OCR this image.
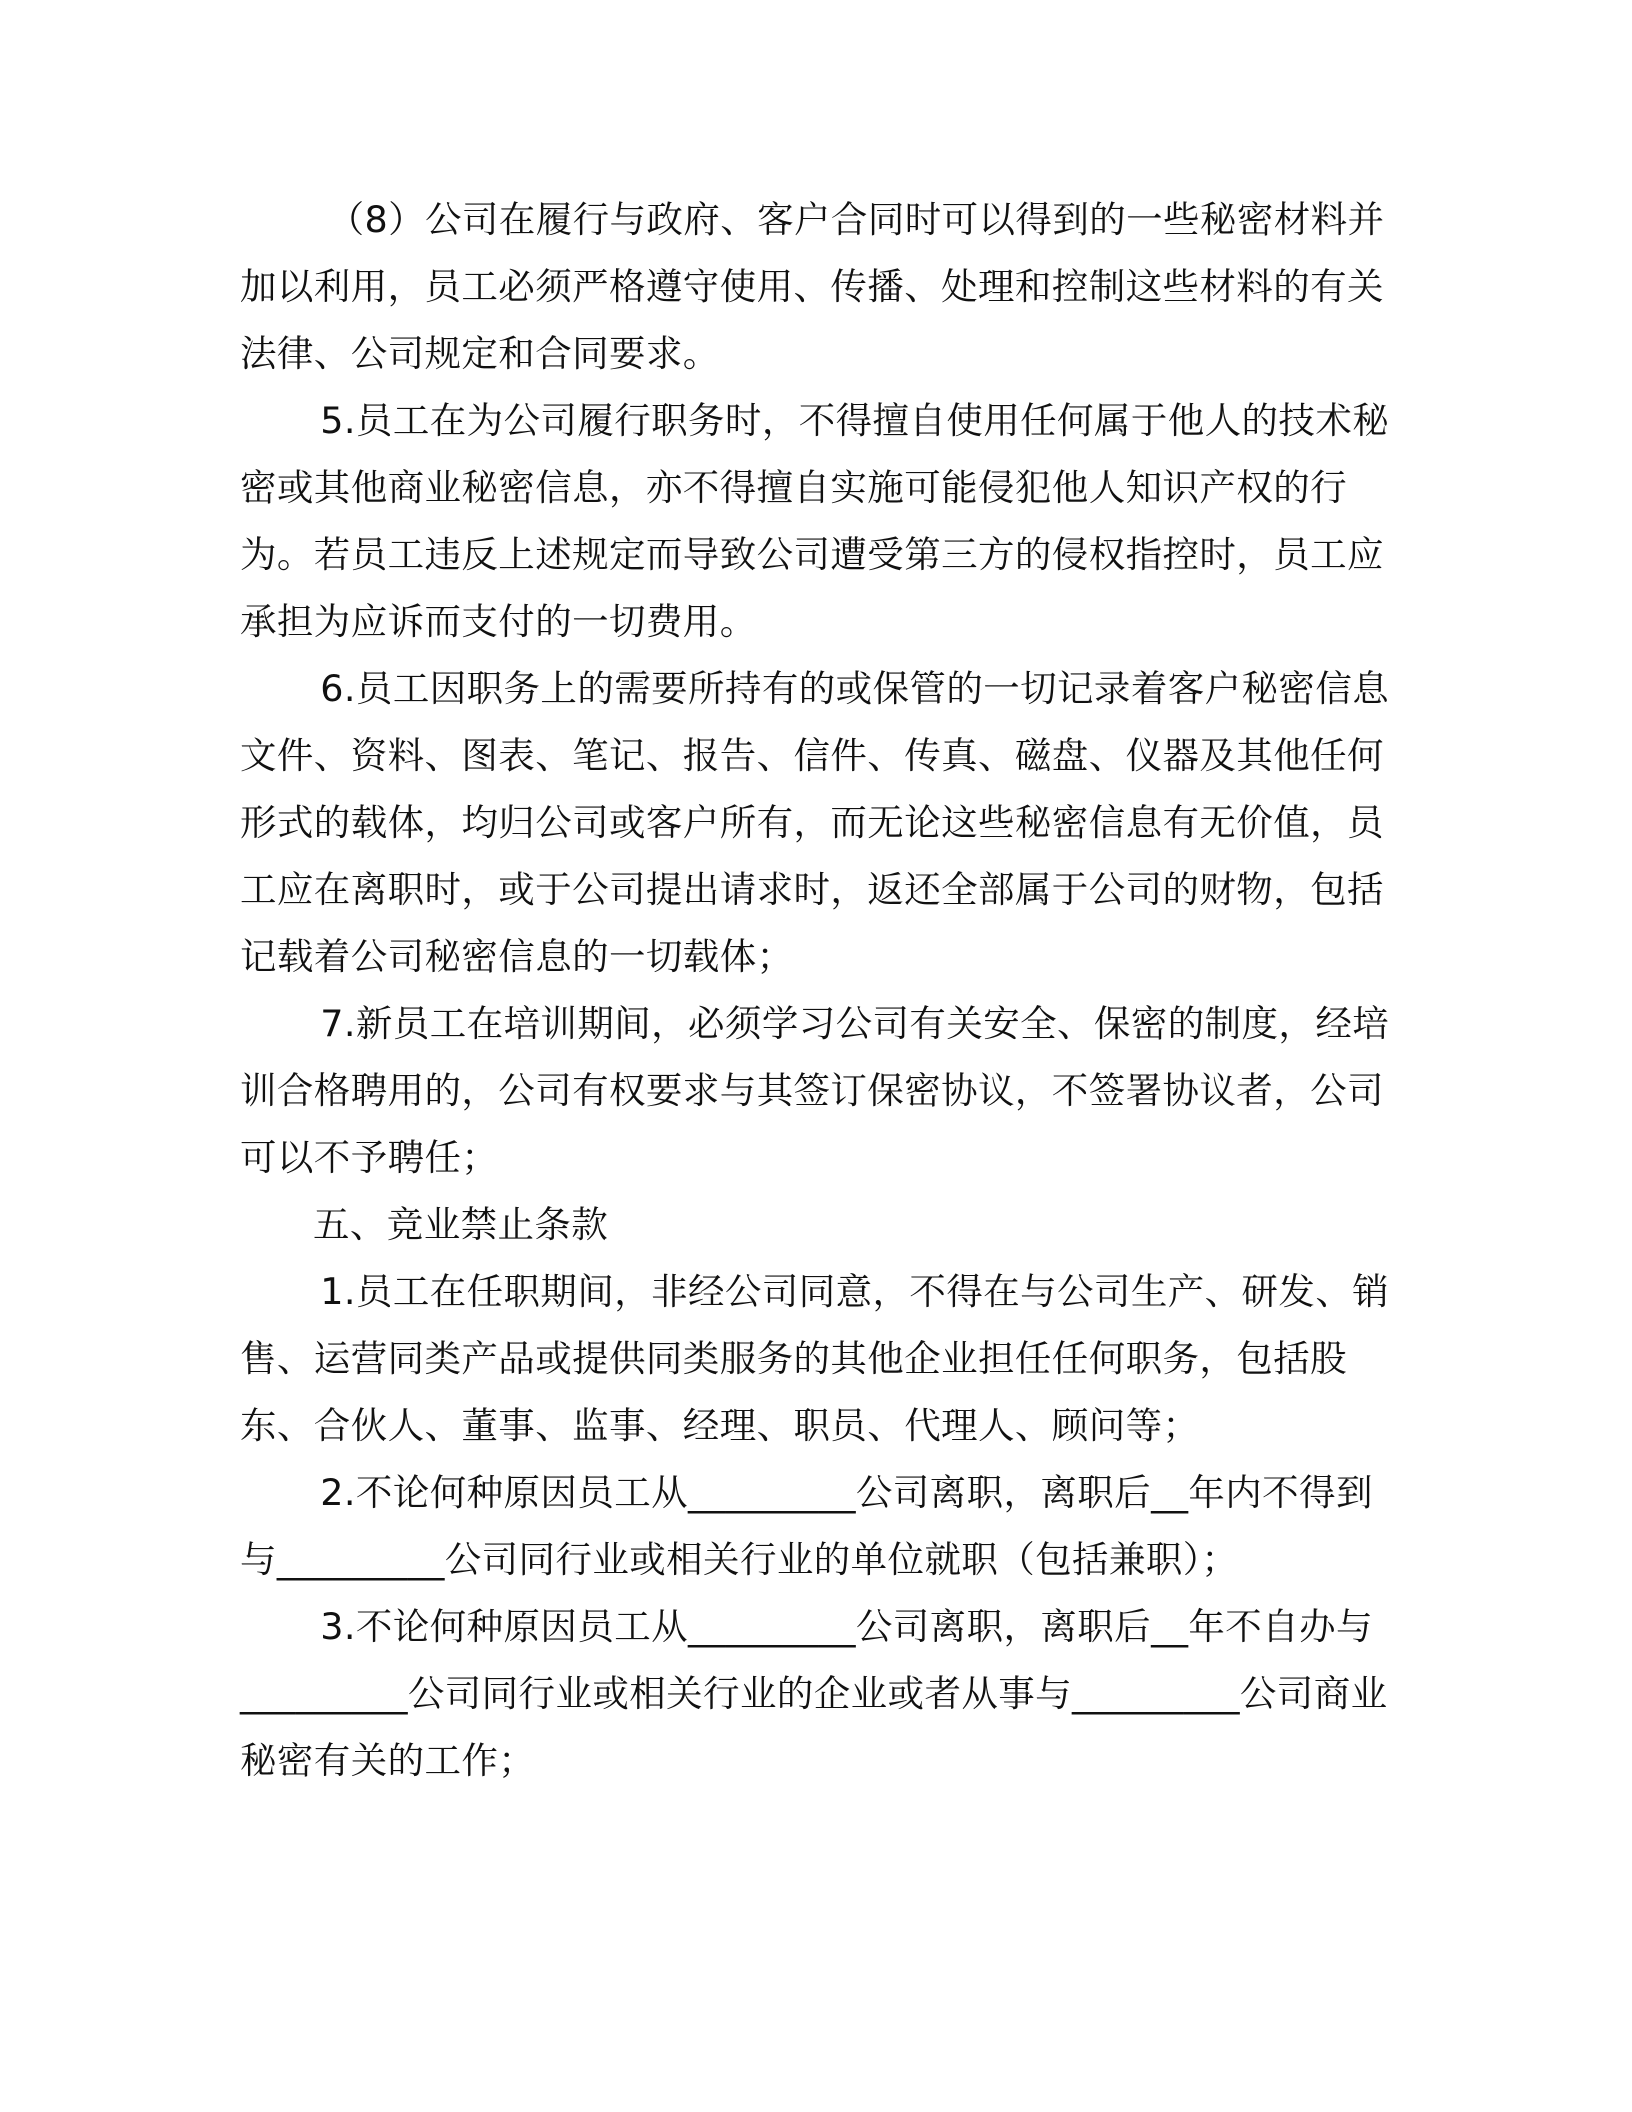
（8）公司在履行与政府、客户合同时可以得到的一些秘密材料并加以利用，员工必须严格遵守使用、传播、处理和控制这些材料的有关法律、公司规定和合同要求。

5.员工在为公司履行职务时，不得擅自使用任何属于他人的技术秘密或其他商业秘密信息，亦不得擅自实施可能侵犯他人知识产权的行为。若员工违反上述规定而导致公司遭受第三方的侵权指控时，员工应承担为应诉而支付的一切费用。

6.员工因职务上的需要所持有的或保管的一切记录着客户秘密信息文件、资料、图表、笔记、报告、信件、传真、磁盘、仪器及其他任何形式的载体，均归公司或客户所有，而无论这些秘密信息有无价值，员工应在离职时，或于公司提出请求时，返还全部属于公司的财物，包括记载着公司秘密信息的一切载体；

7.新员工在培训期间，必须学习公司有关安全、保密的制度，经培训合格聘用的，公司有权要求与其签订保密协议，不签署协议者，公司可以不予聘任；

五、竞业禁止条款

1.员工在任职期间，非经公司同意，不得在与公司生产、研发、销售、运营同类产品或提供同类服务的其他企业担任任何职务，包括股东、合伙人、董事、监事、经理、职员、代理人、顾问等；

2.不论何种原因员工从_________公司离职，离职后__年内不得到与_________公司同行业或相关行业的单位就职（包括兼职）；

3.不论何种原因员工从_________公司离职，离职后__年不自办与_________公司同行业或相关行业的企业或者从事与_________公司商业秘密有关的工作；
